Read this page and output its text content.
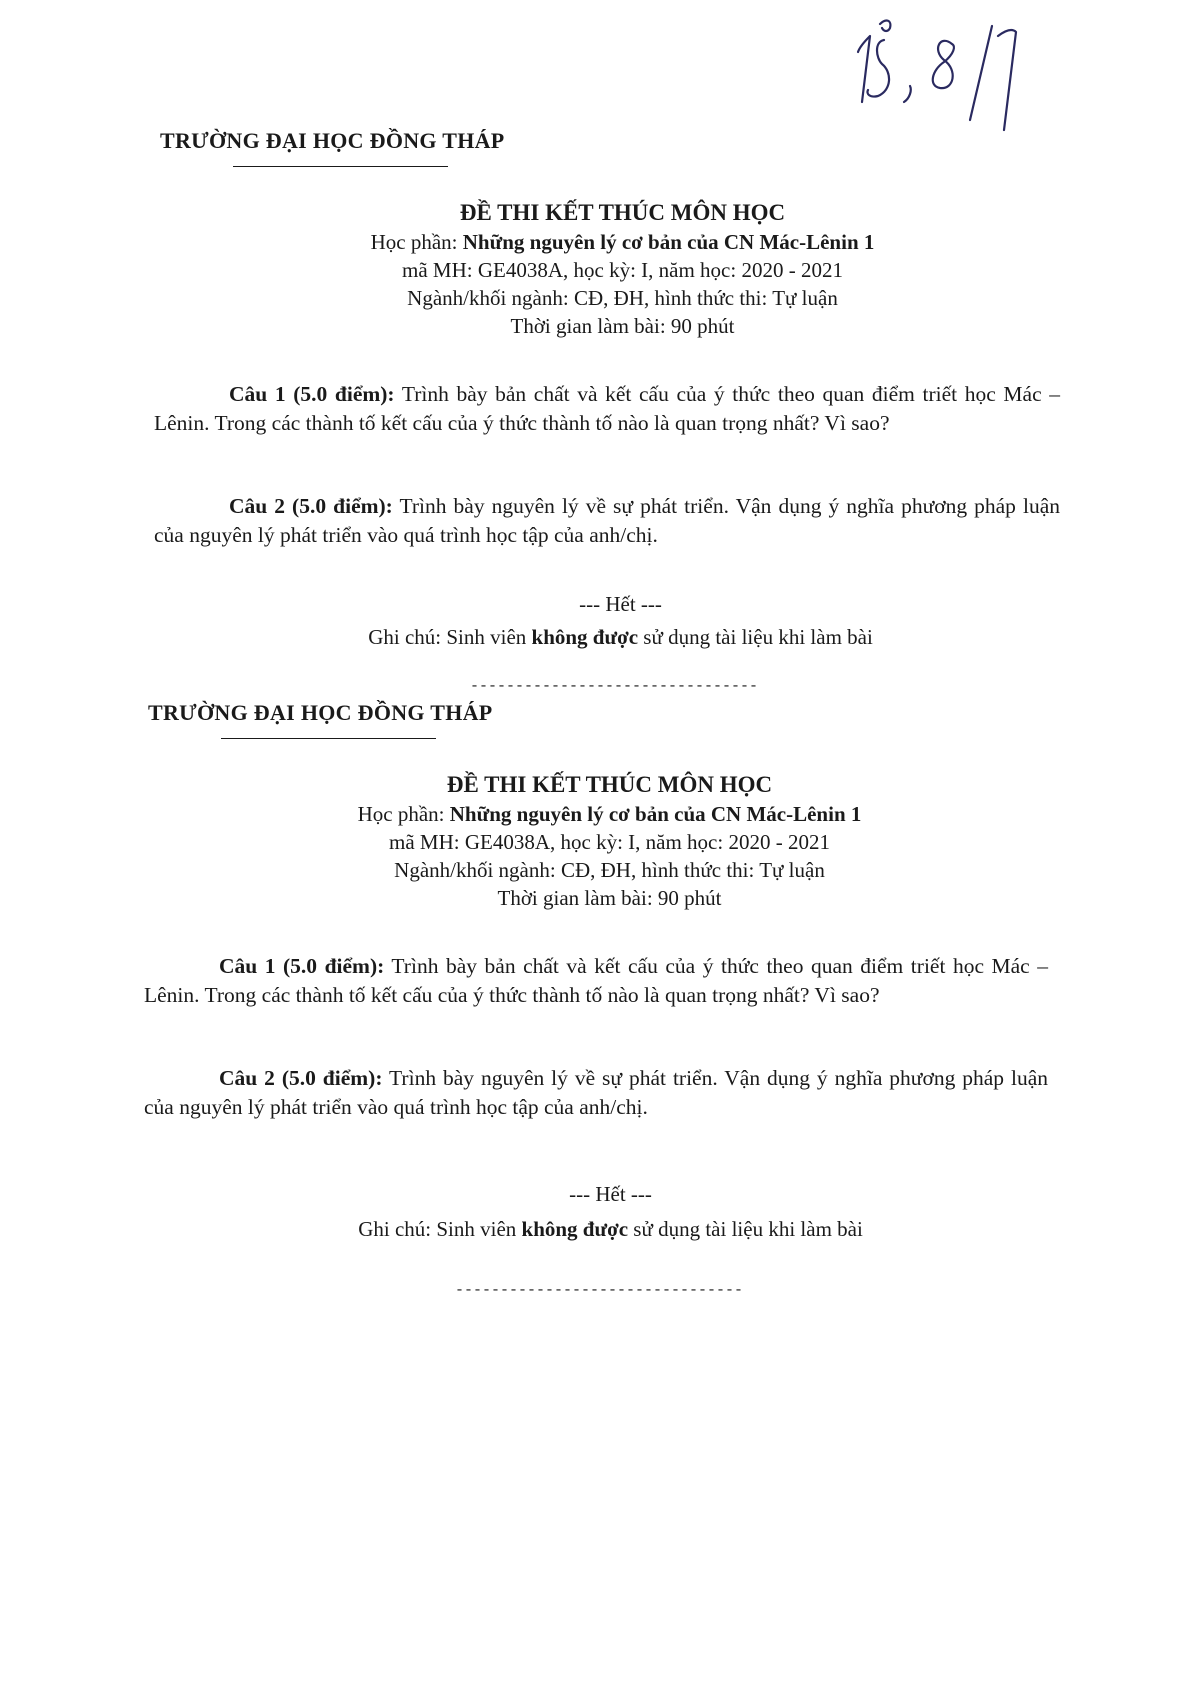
TRƯỜNG ĐẠI HỌC ĐỒNG THÁP
ĐỀ THI KẾT THÚC MÔN HỌC
Học phần: Những nguyên lý cơ bản của CN Mác-Lênin 1
mã MH: GE4038A, học kỳ: I, năm học: 2020 - 2021
Ngành/khối ngành: CĐ, ĐH, hình thức thi: Tự luận
Thời gian làm bài: 90 phút

Câu 1 (5.0 điểm): Trình bày bản chất và kết cấu của ý thức theo quan điểm triết học Mác – Lênin. Trong các thành tố kết cấu của ý thức thành tố nào là quan trọng nhất? Vì sao?

Câu 2 (5.0 điểm): Trình bày nguyên lý về sự phát triển. Vận dụng ý nghĩa phương pháp luận của nguyên lý phát triển vào quá trình học tập của anh/chị.

--- Hết ---
Ghi chú: Sinh viên không được sử dụng tài liệu khi làm bài
--------------------------------
TRƯỜNG ĐẠI HỌC ĐỒNG THÁP
ĐỀ THI KẾT THÚC MÔN HỌC
Học phần: Những nguyên lý cơ bản của CN Mác-Lênin 1
mã MH: GE4038A, học kỳ: I, năm học: 2020 - 2021
Ngành/khối ngành: CĐ, ĐH, hình thức thi: Tự luận
Thời gian làm bài: 90 phút

Câu 1 (5.0 điểm): Trình bày bản chất và kết cấu của ý thức theo quan điểm triết học Mác – Lênin. Trong các thành tố kết cấu của ý thức thành tố nào là quan trọng nhất? Vì sao?

Câu 2 (5.0 điểm): Trình bày nguyên lý về sự phát triển. Vận dụng ý nghĩa phương pháp luận của nguyên lý phát triển vào quá trình học tập của anh/chị.

--- Hết ---
Ghi chú: Sinh viên không được sử dụng tài liệu khi làm bài
--------------------------------
